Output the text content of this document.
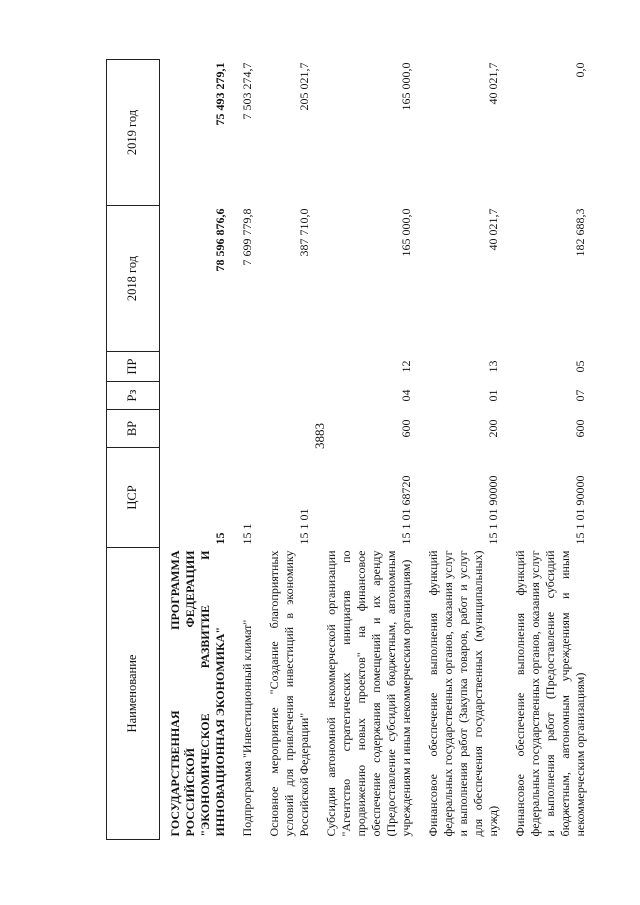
3883
Наименование	ЦСР	ВР	Рз	ПР	2018 год	2019 год
ГОСУДАРСТВЕННАЯ ПРОГРАММА РОССИЙСКОЙ ФЕДЕРАЦИИ "ЭКОНОМИЧЕСКОЕ РАЗВИТИЕ И ИННОВАЦИОННАЯ ЭКОНОМИКА"	15				78 596 876,6	75 493 279,1
Подпрограмма "Инвестиционный климат"	15 1				7 699 779,8	7 503 274,7
Основное мероприятие "Создание благоприятных условий для привлечения инвестиций в экономику Российской Федерации"	15 1 01				387 710,0	205 021,7
Субсидия автономной некоммерческой организации "Агентство стратегических инициатив по продвижению новых проектов" на финансовое обеспечение содержания помещений и их аренду (Предоставление субсидий бюджетным, автономным учреждениям и иным некоммерческим организациям)	15 1 01 68720	600	04	12	165 000,0	165 000,0
Финансовое обеспечение выполнения функций федеральных государственных органов, оказания услуг и выполнения работ (Закупка товаров, работ и услуг для обеспечения государственных (муниципальных) нужд)	15 1 01 90000	200	01	13	40 021,7	40 021,7
Финансовое обеспечение выполнения функций федеральных государственных органов, оказания услуг и выполнения работ (Предоставление субсидий бюджетным, автономным учреждениям и иным некоммерческим организациям)	15 1 01 90000	600	07	05	182 688,3	0,0
